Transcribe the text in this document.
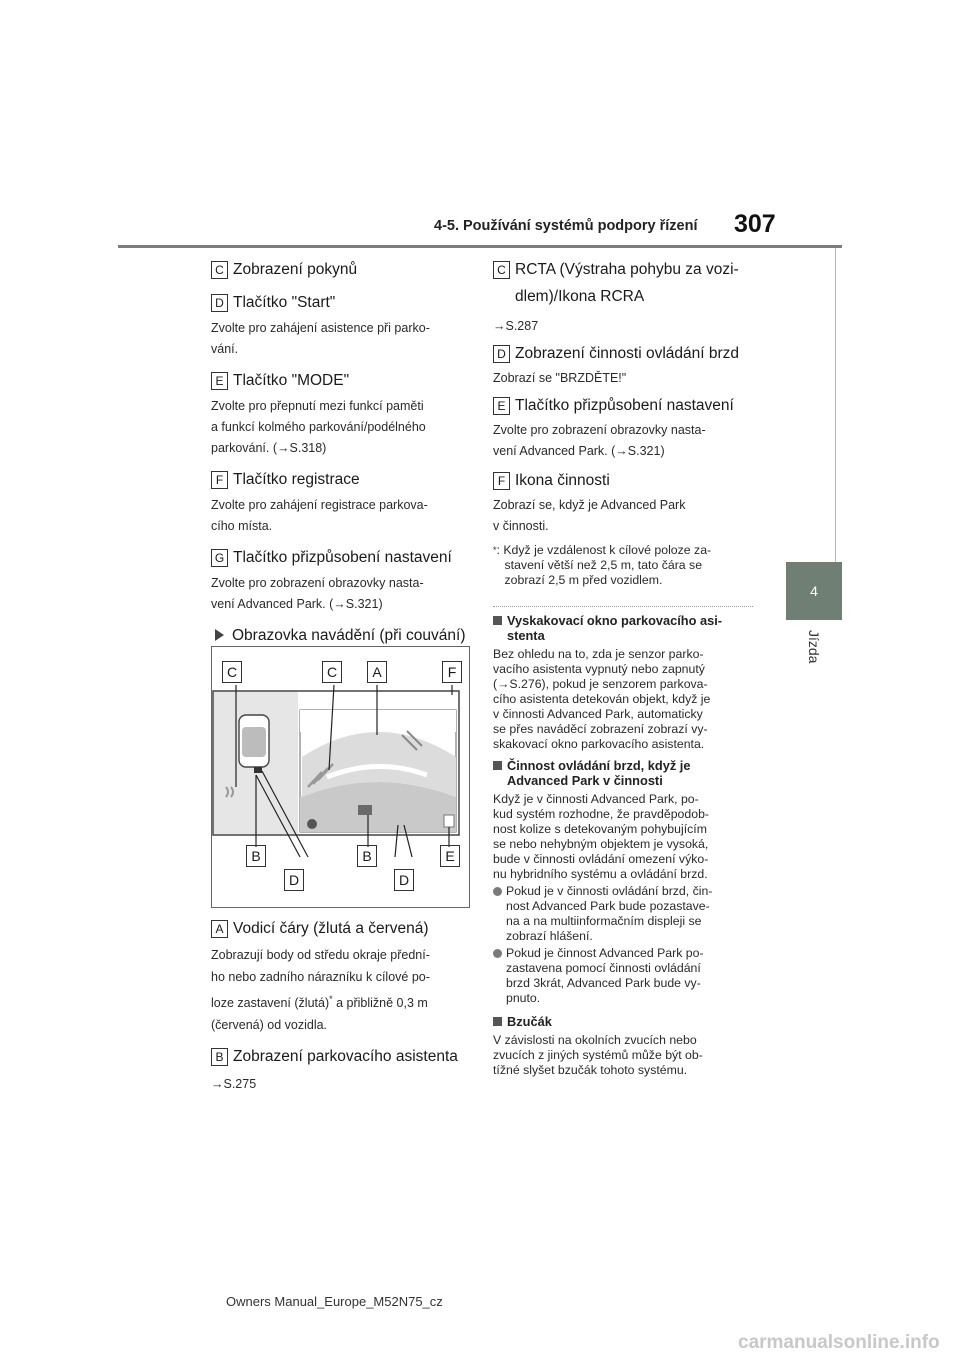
4-5. Používání systémů podpory řízení 307
4
Jízda
C Zobrazení pokynů
D Tlačítko "Start"
Zvolte pro zahájení asistence při parko-
vání.
E Tlačítko "MODE"
Zvolte pro přepnutí mezi funkcí paměti
a funkcí kolmého parkování/podélného
parkování. (→S.318)
F Tlačítko registrace
Zvolte pro zahájení registrace parkova-
cího místa.
G Tlačítko přizpůsobení nastavení
Zvolte pro zobrazení obrazovky nasta-
vení Advanced Park. (→S.321)
Obrazovka navádění (při couvání)
C	C	A	F
B	B	E
D	D
A Vodicí čáry (žlutá a červená)
Zobrazují body od středu okraje přední-
ho nebo zadního nárazníku k cílové po-
loze zastavení (žlutá)* a přibližně 0,3 m
(červená) od vozidla.
B Zobrazení parkovacího asistenta
→S.275
C RCTA (Výstraha pohybu za vozi-
dlem)/Ikona RCRA
→S.287
D Zobrazení činnosti ovládání brzd
Zobrazí se "BRZDĚTE!"
E Tlačítko přizpůsobení nastavení
Zvolte pro zobrazení obrazovky nasta-
vení Advanced Park. (→S.321)
F Ikona činnosti
Zobrazí se, když je Advanced Park
v činnosti.
* : Když je vzdálenost k cílové poloze za-
stavení větší než 2,5 m, tato čára se
zobrazí 2,5 m před vozidlem.
Vyskakovací okno parkovacího asi-
stenta
Bez ohledu na to, zda je senzor parko-
vacího asistenta vypnutý nebo zapnutý
(→S.276), pokud je senzorem parkova-
cího asistenta detekován objekt, když je
v činnosti Advanced Park, automaticky
se přes naváděcí zobrazení zobrazí vy-
skakovací okno parkovacího asistenta.
Činnost ovládání brzd, když je
Advanced Park v činnosti
Když je v činnosti Advanced Park, po-
kud systém rozhodne, že pravděpodob-
nost kolize s detekovaným pohybujícím
se nebo nehybným objektem je vysoká,
bude v činnosti ovládání omezení výko-
nu hybridního systému a ovládání brzd.
Pokud je v činnosti ovládání brzd, čin-
nost Advanced Park bude pozastave-
na a na multiinformačním displeji se
zobrazí hlášení.
Pokud je činnost Advanced Park po-
zastavena pomocí činnosti ovládání
brzd 3krát, Advanced Park bude vy-
pnuto.
Bzučák
V závislosti na okolních zvucích nebo
zvucích z jiných systémů může být ob-
tížné slyšet bzučák tohoto systému.
Owners Manual_Europe_M52N75_cz
carmanualsonline.info
